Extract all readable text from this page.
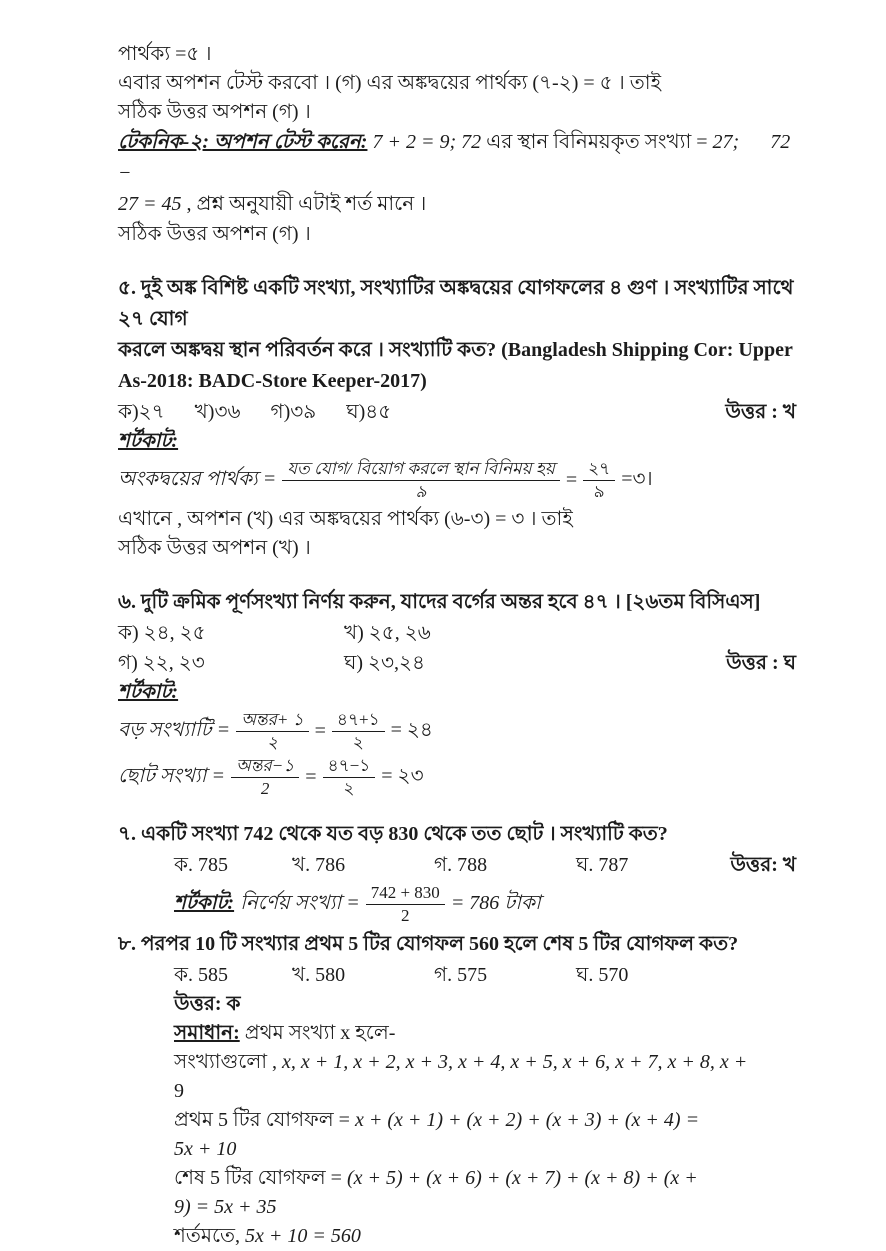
পার্থক্য =৫ ।

এবার অপশন টেস্ট করবো । (গ) এর অঙ্কদ্বয়ের পার্থক্য (৭-২) = ৫ । তাই

সঠিক উত্তর অপশন (গ) ।

টেকনিক-২: অপশন টেস্ট করেন: 7 + 2 = 9; 72 এর স্থান বিনিময়কৃত সংখ্যা = 27; 72 −

27 = 45 , প্রশ্ন অনুযায়ী এটাই শর্ত মানে ।

সঠিক উত্তর অপশন (গ) ।

৫. দুই অঙ্ক বিশিষ্ট একটি সংখ্যা, সংখ্যাটির অঙ্কদ্বয়ের যোগফলের ৪ গুণ । সংখ্যাটির সাথে ২৭ যোগ

করলে অঙ্কদ্বয় স্থান পরিবর্তন করে । সংখ্যাটি কত? (Bangladesh Shipping Cor: Upper

As-2018: BADC-Store Keeper-2017)

ক)২৭ খ)৩৬ গ)৩৯ ঘ)৪৫	উত্তর : খ

শর্টকাট:

অংকদ্বয়ের পার্থক্য = $\frac{\text{যত যোগ/ বিয়োগ করলে স্থান বিনিময় হয়}}{৯} = \frac{২৭}{৯}$ =৩।

এখানে , অপশন (খ) এর অঙ্কদ্বয়ের পার্থক্য (৬-৩) = ৩ । তাই

সঠিক উত্তর অপশন (খ) ।

৬. দুটি ক্রমিক পূর্ণসংখ্যা নির্ণয় করুন, যাদের বর্গের অন্তর হবে ৪৭ । [২৬তম বিসিএস]

ক) ২৪, ২৫	খ) ২৫, ২৬
গ) ২২, ২৩	ঘ) ২৩,২৪	উত্তর : ঘ

শর্টকাট:

বড় সংখ্যাটি = $\frac{\text{অন্তর+ ১}}{২} = \frac{৪৭+১}{২}$ = ২৪
ছোট সংখ্যা = $\frac{\text{অন্তর−১}}{2} = \frac{৪৭-১}{২}$ = ২৩

৭. একটি সংখ্যা 742 থেকে যত বড় 830 থেকে তত ছোট । সংখ্যাটি কত?

ক. 785	খ. 786	গ. 788	ঘ. 787	উত্তর: খ
শর্টকাট: নির্ণেয় সংখ্যা = $\frac{742 + 830}{2} = 786$ টাকা

৮. পরপর 10 টি সংখ্যার প্রথম 5 টির যোগফল 560 হলে শেষ 5 টির যোগফল কত?

ক. 585	খ. 580	গ. 575	ঘ. 570

উত্তর: ক

সমাধান: প্রথম সংখ্যা x হলে-

সংখ্যাগুলো , x, x + 1, x + 2, x + 3, x + 4, x + 5, x + 6, x + 7, x + 8, x +

9

প্রথম 5 টির যোগফল = x + (x + 1) + (x + 2) + (x + 3) + (x + 4) =

5x + 10

শেষ 5 টির যোগফল = (x + 5) + (x + 6) + (x + 7) + (x + 8) + (x +

9) = 5x + 35

শর্তমতে, 5x + 10 = 560
